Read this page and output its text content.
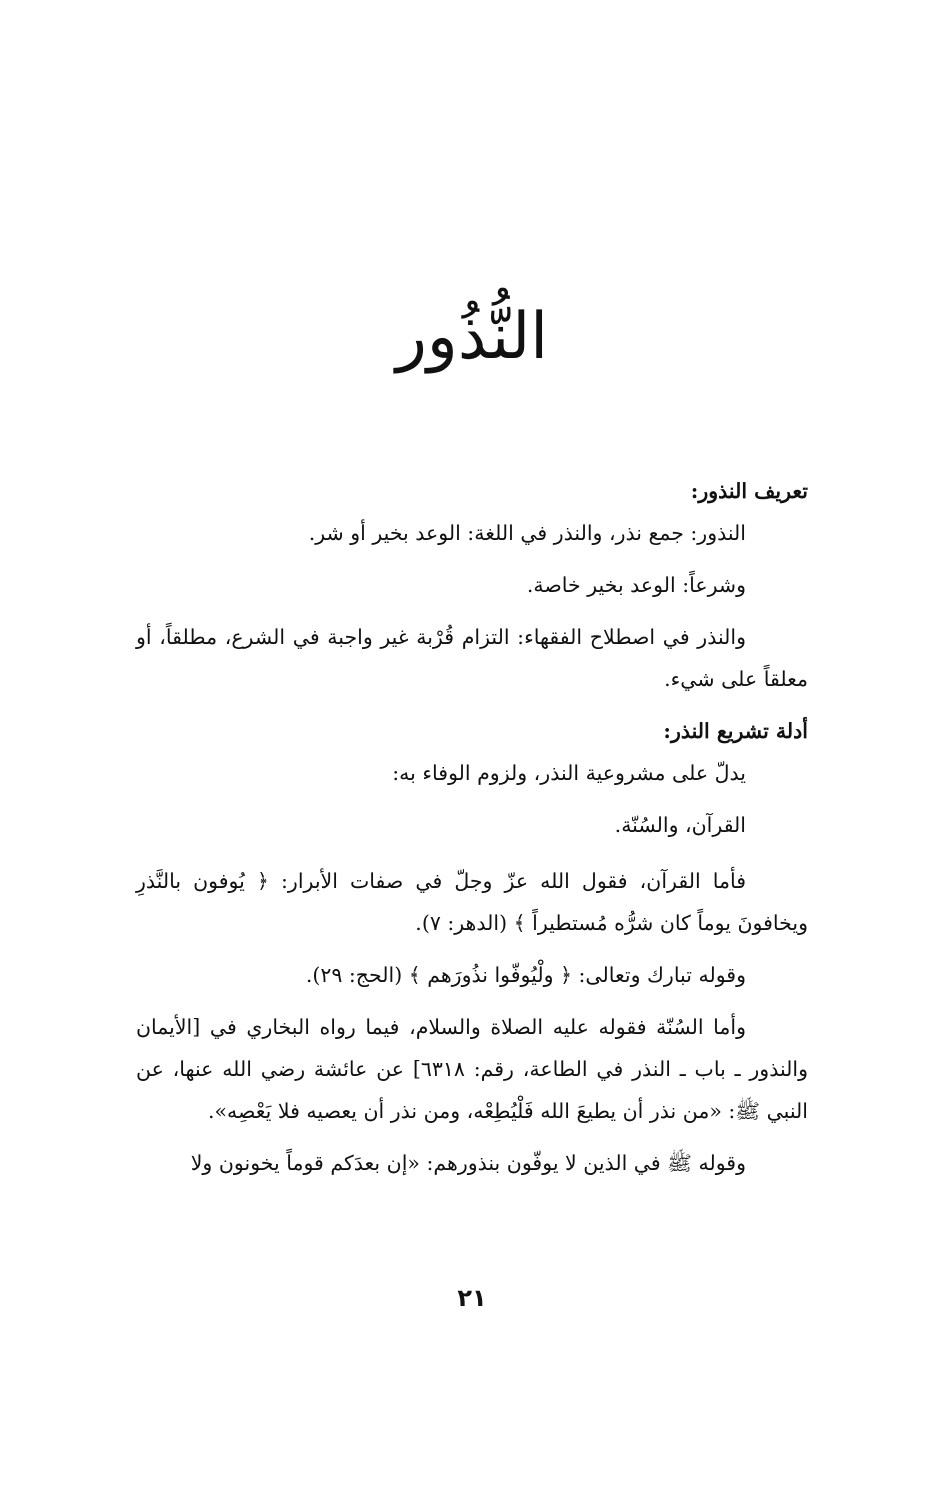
النُّذُور

تعريف النذور:

النذور: جمع نذر، والنذر في اللغة: الوعد بخير أو شر.

وشرعاً: الوعد بخير خاصة.

والنذر في اصطلاح الفقهاء: التزام قُرْبة غير واجبة في الشرع، مطلقاً، أو معلقاً على شيء.

أدلة تشريع النذر:

يدلّ على مشروعية النذر، ولزوم الوفاء به:

القرآن، والسُنّة.

فأما القرآن، فقول الله عزّ وجلّ في صفات الأبرار: ﴿ يُوفون بالنَّذرِ ويخافونَ يوماً كان شرُّه مُستطيراً ﴾ (الدهر: ٧).

وقوله تبارك وتعالى: ﴿ ولْيُوفّوا نذُورَهم ﴾ (الحج: ٢٩).

وأما السُنّة فقوله عليه الصلاة والسلام، فيما رواه البخاري في [الأيمان والنذور ـ باب ـ النذر في الطاعة، رقم: ٦٣١٨] عن عائشة رضي الله عنها، عن النبي ﷺ: «من نذر أن يطيعَ الله فَلْيُطِعْه، ومن نذر أن يعصيه فلا يَعْصِه».

وقوله ﷺ في الذين لا يوفّون بنذورهم: «إن بعدَكم قوماً يخونون ولا

٢١
